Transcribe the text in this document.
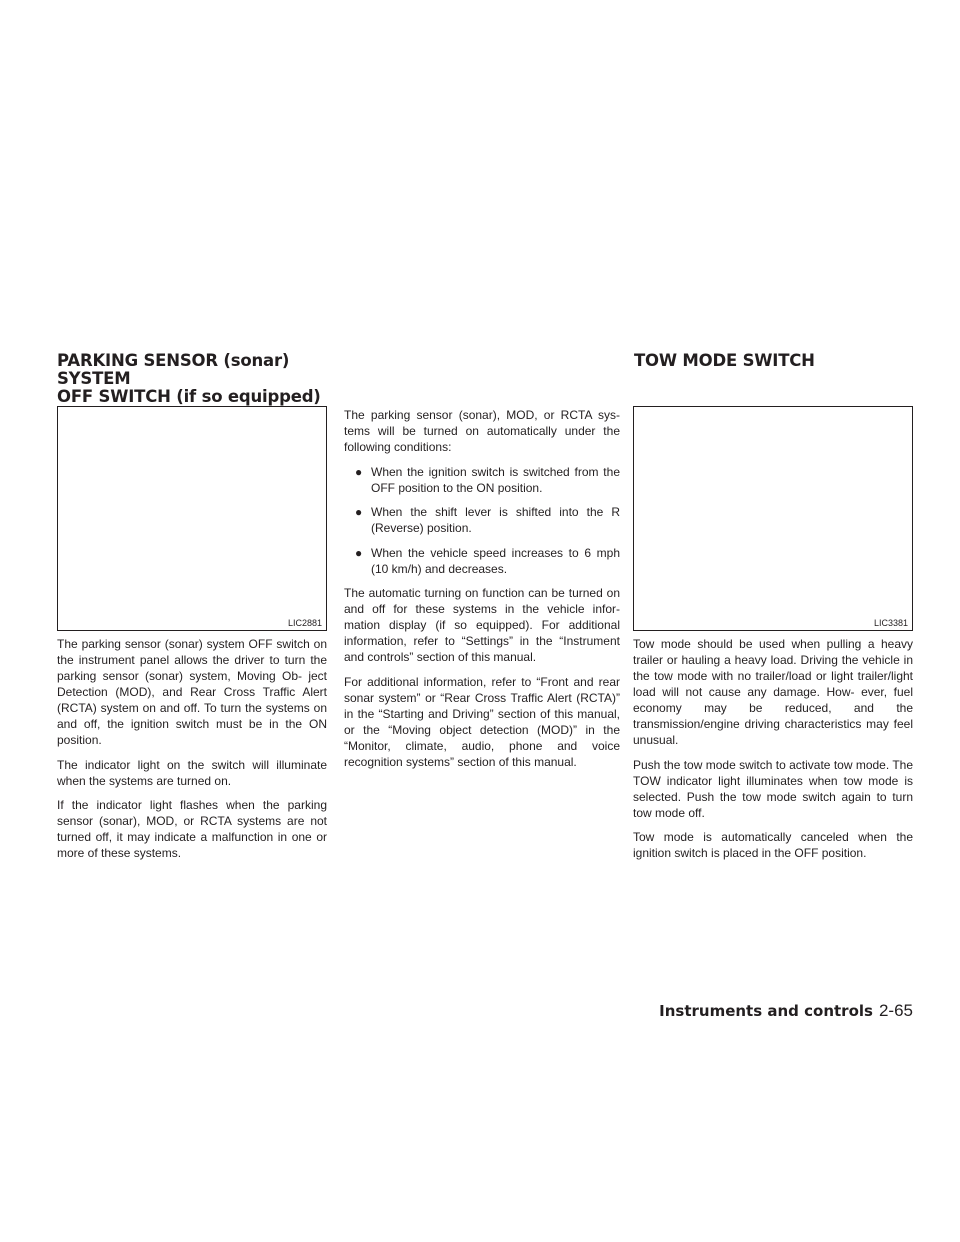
PARKING SENSOR (sonar) SYSTEM
OFF SWITCH (if so equipped)
TOW MODE SWITCH
LIC2881	LIC3381

The parking sensor (sonar) system OFF switch on the instrument panel allows the driver to turn the parking sensor (sonar) system, Moving Ob- ject Detection (MOD), and Rear Cross Traffic Alert (RCTA) system on and off. To turn the systems on and off, the ignition switch must be in the ON position.

The indicator light on the switch will illuminate when the systems are turned on.

If the indicator light flashes when the parking sensor (sonar), MOD, or RCTA systems are not turned off, it may indicate a malfunction in one or more of these systems.

The parking sensor (sonar), MOD, or RCTA sys- tems will be turned on automatically under the following conditions:

● When the ignition switch is switched from the OFF position to the ON position.
● When the shift lever is shifted into the R (Reverse) position.
● When the vehicle speed increases to 6 mph (10 km/h) and decreases.

The automatic turning on function can be turned on and off for these systems in the vehicle infor- mation display (if so equipped). For additional information, refer to “Settings” in the “Instrument and controls” section of this manual.

For additional information, refer to “Front and rear sonar system” or “Rear Cross Traffic Alert (RCTA)” in the “Starting and Driving” section of this manual, or the “Moving object detection (MOD)” in the “Monitor, climate, audio, phone and voice recognition systems” section of this manual.

Tow mode should be used when pulling a heavy trailer or hauling a heavy load. Driving the vehicle in the tow mode with no trailer/load or light trailer/light load will not cause any damage. How- ever, fuel economy may be reduced, and the transmission/engine driving characteristics may feel unusual.

Push the tow mode switch to activate tow mode. The TOW indicator light illuminates when tow mode is selected. Push the tow mode switch again to turn tow mode off.

Tow mode is automatically canceled when the ignition switch is placed in the OFF position.

Instruments and controls 2-65
